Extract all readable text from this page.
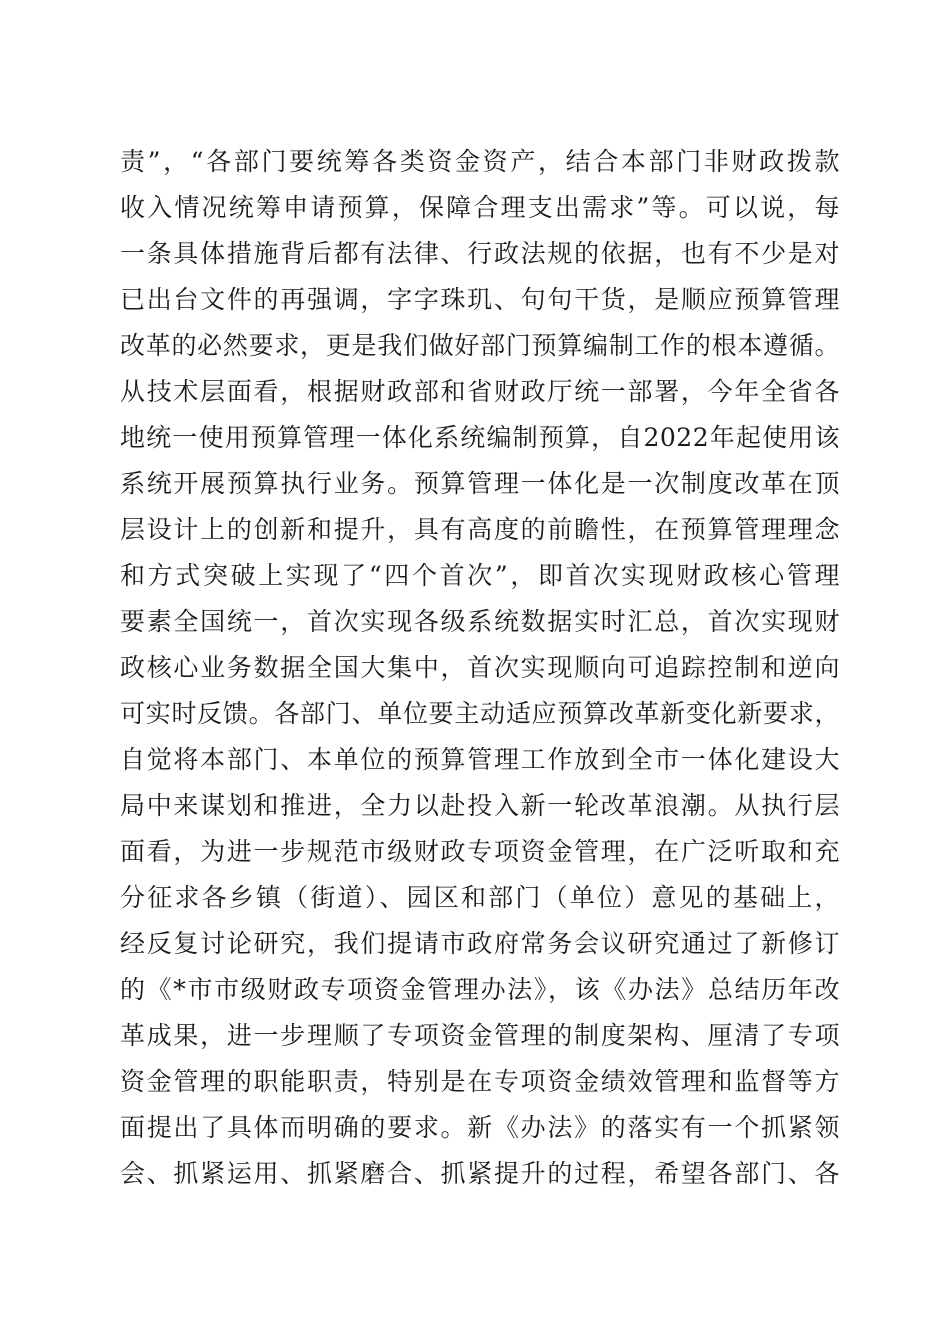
责”，“各部门要统筹各类资金资产，结合本部门非财政拨款
收入情况统筹申请预算，保障合理支出需求”等。可以说，每
一条具体措施背后都有法律、行政法规的依据，也有不少是对
已出台文件的再强调，字字珠玑、句句干货，是顺应预算管理
改革的必然要求，更是我们做好部门预算编制工作的根本遵循。
从技术层面看，根据财政部和省财政厅统一部署，今年全省各
地统一使用预算管理一体化系统编制预算，自2022年起使用该
系统开展预算执行业务。预算管理一体化是一次制度改革在顶
层设计上的创新和提升，具有高度的前瞻性，在预算管理理念
和方式突破上实现了“四个首次”，即首次实现财政核心管理
要素全国统一，首次实现各级系统数据实时汇总，首次实现财
政核心业务数据全国大集中，首次实现顺向可追踪控制和逆向
可实时反馈。各部门、单位要主动适应预算改革新变化新要求，
自觉将本部门、本单位的预算管理工作放到全市一体化建设大
局中来谋划和推进，全力以赴投入新一轮改革浪潮。从执行层
面看，为进一步规范市级财政专项资金管理，在广泛听取和充
分征求各乡镇（街道）、园区和部门（单位）意见的基础上，
经反复讨论研究，我们提请市政府常务会议研究通过了新修订
的《*市市级财政专项资金管理办法》，该《办法》总结历年改
革成果，进一步理顺了专项资金管理的制度架构、厘清了专项
资金管理的职能职责，特别是在专项资金绩效管理和监督等方
面提出了具体而明确的要求。新《办法》的落实有一个抓紧领
会、抓紧运用、抓紧磨合、抓紧提升的过程，希望各部门、各
